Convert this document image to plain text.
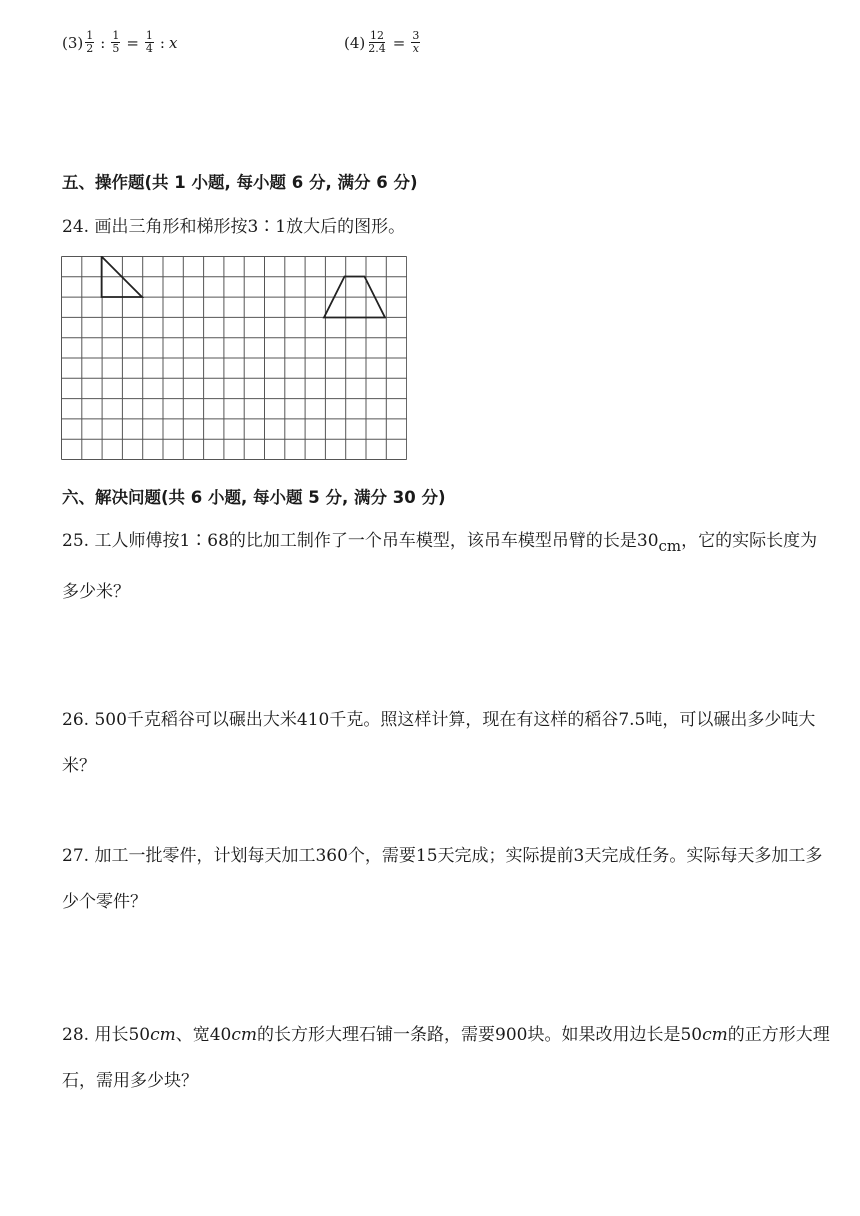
$(3) \frac{1}{2}$ : $\frac{1}{5} = \frac{1}{4}$ : x	$(4) \frac{12}{2.4} = \frac{3}{x}$
五、操作题(共 1 小题, 每小题 6 分, 满分 6 分)
24. 画出三角形和梯形按3∶1放大后的图形。
六、解决问题(共 6 小题, 每小题 5 分, 满分 30 分)
25. 工人师傅按1∶68的比加工制作了一个吊车模型，该吊车模型吊臂的长是$30_{cm}$，它的实际长度为多少米？
26. 500千克稻谷可以碾出大米410千克。照这样计算，现在有这样的稻谷7.5吨，可以碾出多少吨大米？
27. 加工一批零件，计划每天加工360个，需要15天完成；实际提前3天完成任务。实际每天多加工多少个零件？
28. 用长50cm、宽40cm的长方形大理石铺一条路，需要900块。如果改用边长是50cm的正方形大理石，需用多少块？
